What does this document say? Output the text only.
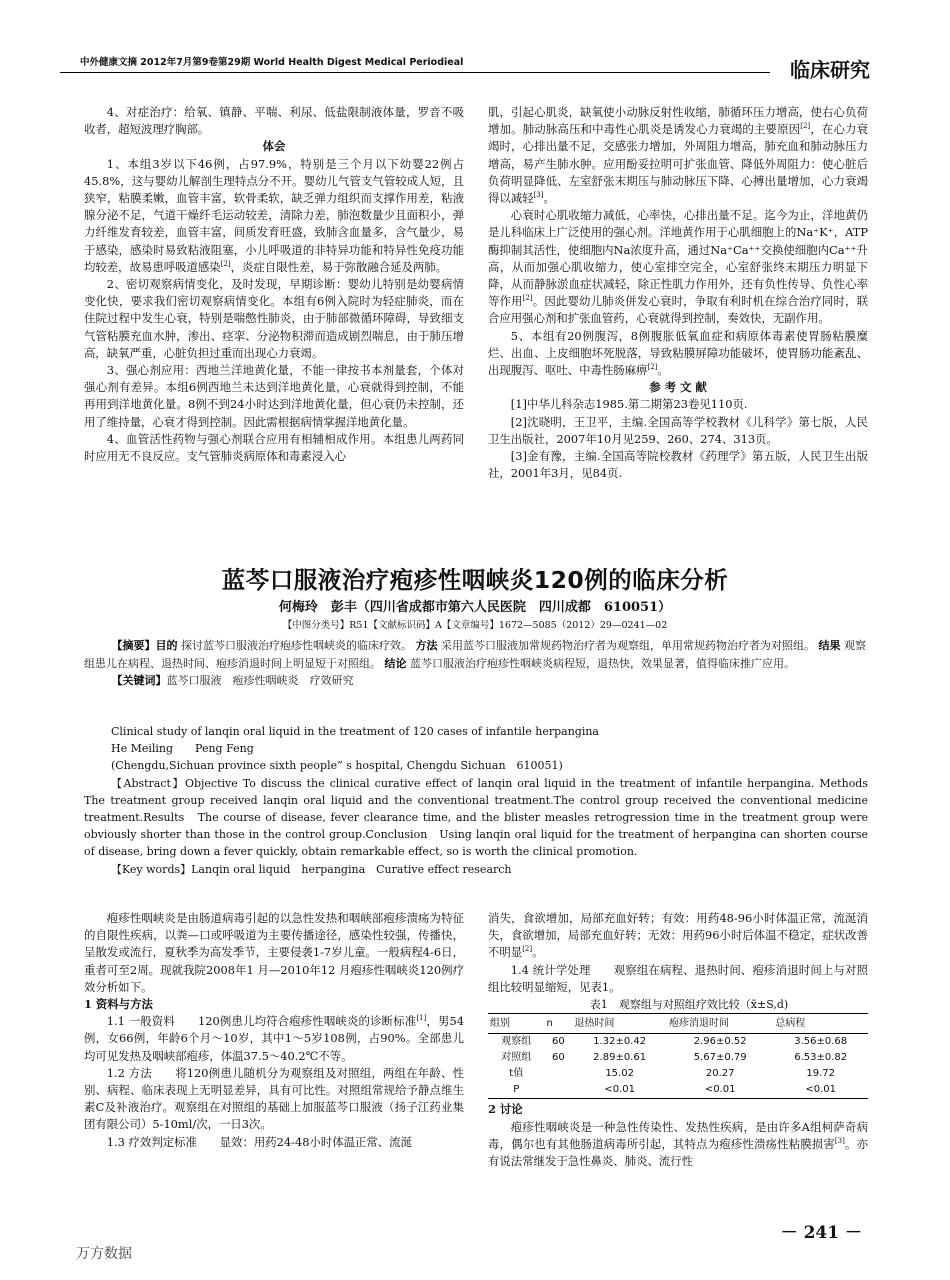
中外健康文摘 2012年7月第9卷第29期 World Health Digest Medical Periodieal	临床研究

4、对症治疗：给氧、镇静、平喘、利尿、低盐限制液体量，罗音不吸收者，超短波理疗胸部。

体会

1、本组3岁以下46例，占97.9%，特别是三个月以下幼婴22例占45.8%，这与婴幼儿解剖生理特点分不开。婴幼儿气管支气管较成人短，且狭窄，粘膜柔嫩，血管丰富，软骨柔软，缺乏弹力组织而支撑作用差，粘液腺分泌不足，气道干燥纤毛运动较差，清除力差，肺泡数量少且面积小，弹力纤维发育较差，血管丰富，间质发育旺盛，致肺含血量多，含气量少，易于感染，感染时易致粘液阻塞，小儿呼吸道的非特异功能和特异性免疫功能均较差，故易患呼吸道感染[2]，炎症自限性差，易于弥散融合延及两肺。

2、密切观察病情变化，及时发现，早期诊断：婴幼儿特别是幼婴病情变化快，要求我们密切观察病情变化。本组有6例入院时为轻症肺炎，而在住院过程中发生心衰，特别是喘憋性肺炎，由于肺部微循环障碍，导致细支气管粘膜充血水肿，渗出、痉挛、分泌物积滞而造成剧烈喘息，由于肺压增高，缺氧严重，心脏负担过重而出现心力衰竭。

3、强心剂应用：西地兰洋地黄化量，不能一律按书本剂量套，个体对强心剂有差异。本组6例西地兰未达到洋地黄化量，心衰就得到控制，不能再用到洋地黄化量。8例不到24小时达到洋地黄化量，但心衰仍未控制，还用了维持量，心衰才得到控制。因此需根据病情掌握洋地黄化量。

4、血管活性药物与强心剂联合应用有相辅相成作用。本组患儿两药同时应用无不良反应。支气管肺炎病原体和毒素浸入心

肌，引起心肌炎，缺氧使小动脉反射性收缩，肺循环压力增高，使右心负荷增加。肺动脉高压和中毒性心肌炎是诱发心力衰竭的主要原因[2]，在心力衰竭时，心排出量不足，交感张力增加，外周阻力增高，肺充血和肺动脉压力增高，易产生肺水肿。应用酚妥拉明可扩张血管、降低外周阻力：使心脏后负荷明显降低、左室舒张末期压与肺动脉压下降、心搏出量增加，心力衰竭得以减轻[3]。

心衰时心肌收缩力减低，心率快，心排出量不足。迄今为止，洋地黄仍是儿科临床上广泛使用的强心剂。洋地黄作用于心肌细胞上的Na⁺K⁺，ATP酶抑制其活性，使细胞内Na浓度升高，通过Na⁺Ca⁺⁺交换使细胞内Ca⁺⁺升高，从而加强心肌收缩力，使心室排空完全，心室舒张终末期压力明显下降，从而静脉淤血症状减轻，除正性肌力作用外，还有负性传导、负性心率等作用[2]。因此婴幼儿肺炎併发心衰时，争取有利时机在综合治疗同时，联合应用强心剂和扩张血管药，心衰就得到控制，奏效快，无副作用。

5、本组有20例腹泻，8例腹胀低氧血症和病原体毒素使胃肠粘膜糜烂、出血、上皮细胞坏死脱落，导致粘膜屏障功能破坏，使胃肠功能紊乱、出现腹泻、呕吐、中毒性肠麻痹[2]。

参 考 文 献

[1]中华儿科杂志1985.第二期第23卷见110页.

[2]沈晓明，王卫平，主编.全国高等学校教材《儿科学》第七版，人民卫生出版社，2007年10月见259、260、274、313页。

[3]金有豫，主编.全国高等院校教材《药理学》第五版，人民卫生出版社，2001年3月，见84页.

蓝芩口服液治疗疱疹性咽峡炎120例的临床分析
何梅玲　彭丰（四川省成都市第六人民医院　四川成都　610051）
【中图分类号】R51【文献标识码】A【文章编号】1672—5085（2012）29—0241—02

【摘要】目的 探讨蓝芩口服液治疗疱疹性咽峡炎的临床疗效。 方法 采用蓝芩口服液加常规药物治疗者为观察组，单用常规药物治疗者为对照组。 结果 观察组患儿在病程、退热时间、疱疹消退时间上明显短于对照组。 结论 蓝芩口服液治疗疱疹性咽峡炎病程短，退热快，效果显著，值得临床推广应用。

【关键词】蓝芩口服液　疱疹性咽峡炎　疗效研究

Clinical study of lanqin oral liquid in the treatment of 120 cases of infantile herpangina

He Meiling　　Peng Feng

(Chengdu,Sichuan province sixth people” s hospital, Chengdu Sichuan　610051)

【Abstract】Objective To discuss the clinical curative effect of lanqin oral liquid in the treatment of infantile herpangina. Methods　The treatment group received lanqin oral liquid and the conventional treatment.The control group received the conventional medicine treatment.Results　The course of disease, fever clearance time, and the blister measles retrogression time in the treatment group were obviously shorter than those in the control group.Conclusion　Using lanqin oral liquid for the treatment of herpangina can shorten course of disease, bring down a fever quickly, obtain remarkable effect, so is worth the clinical promotion.

【Key words】Lanqin oral liquid　herpangina　Curative effect research

疱疹性咽峡炎是由肠道病毒引起的以急性发热和咽峡部疱疹溃疡为特征的自限性疾病，以粪—口或呼吸道为主要传播途径，感染性较强，传播快，呈散发或流行，夏秋季为高发季节，主要侵袭1-7岁儿童。一般病程4-6日，重者可至2周。现就我院2008年1 月—2010年12 月疱疹性咽峡炎120例疗效分析如下。

1 资料与方法

1.1 一般资料　　120例患儿均符合疱疹性咽峡炎的诊断标准[1]，男54例，女66例，年龄6个月～10岁，其中1～5岁108例，占90%。全部患儿均可见发热及咽峡部疱疹，体温37.5～40.2℃不等。

1.2 方法　　将120例患儿随机分为观察组及对照组，两组在年龄、性别、病程、临床表现上无明显差异，具有可比性。对照组常规给予静点维生素C及补液治疗。观察组在对照组的基础上加服蓝芩口服液（扬子江药业集团有限公司）5-10ml/次，一日3次。

1.3 疗效判定标准　　显效：用药24-48小时体温正常、流涎

消失，食欲增加，局部充血好转；有效：用药48-96小时体温正常，流涎消失，食欲增加，局部充血好转；无效：用药96小时后体温不稳定，症状改善不明显[2]。

1.4 统计学处理　　观察组在病程、退热时间、疱疹消退时间上与对照组比较明显缩短，见表1。

表1　观察组与对照组疗效比较（x̄±S,d)

组别	n	退热时间	疱疹消退时间	总病程
观察组	60	1.32±0.42	2.96±0.52	3.56±0.68
对照组	60	2.89±0.61	5.67±0.79	6.53±0.82
t值		15.02	20.27	19.72
P		<0.01	<0.01	<0.01

2 讨论

疱疹性咽峡炎是一种急性传染性、发热性疾病，是由许多A组柯萨奇病毒，偶尔也有其他肠道病毒所引起，其特点为疱疹性溃疡性粘膜损害[3]。亦有说法常继发于急性鼻炎、肺炎、流行性

－ 241 －
万方数据
